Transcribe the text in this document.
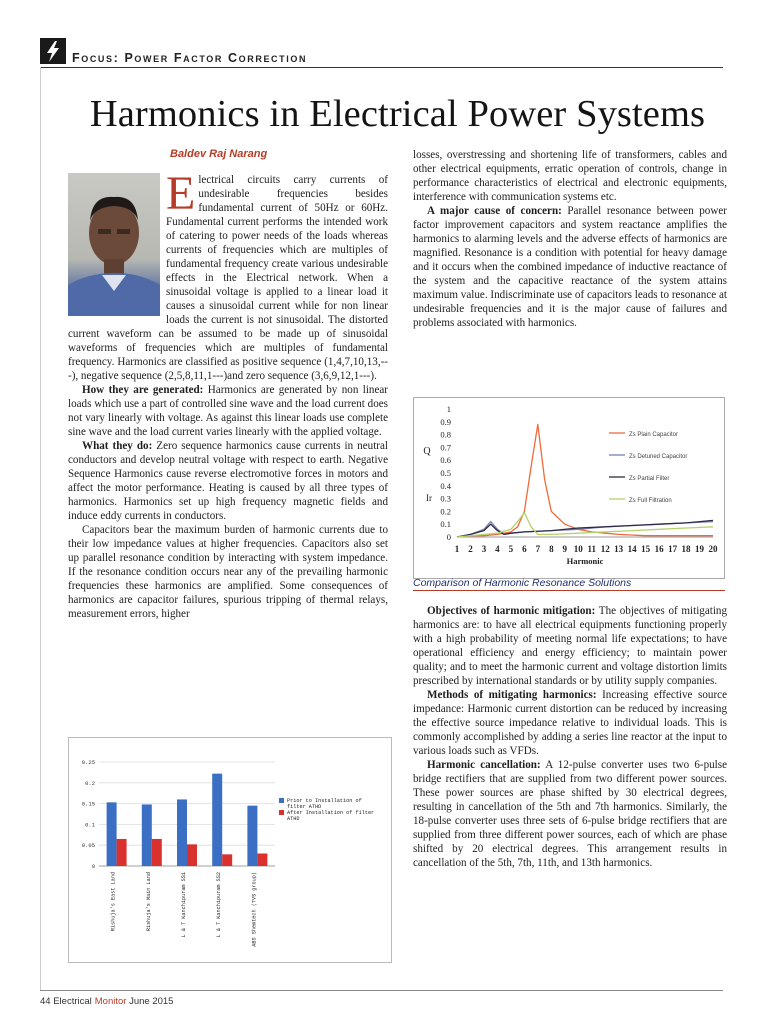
Focus: Power Factor Correction
Harmonics in Electrical Power Systems
Baldev Raj Narang
Electrical circuits carry currents of undesirable frequencies besides fundamental current of 50Hz or 60Hz. Fundamental current performs the intended work of catering to power needs of the loads whereas currents of frequencies which are multiples of fundamental frequency create various undesirable effects in the Electrical network. When a sinusoidal voltage is applied to a linear load it causes a sinusoidal current while for non linear loads the current is not sinusoidal. The distorted current waveform can be assumed to be made up of sinusoidal waveforms of frequencies which are multiples of fundamental frequency. Harmonics are classified as positive sequence (1,4,7,10,13,---), negative sequence (2,5,8,11,1---)and zero sequence (3,6,9,12,1---).

How they are generated: Harmonics are generated by non linear loads which use a part of controlled sine wave and the load current does not vary linearly with voltage. As against this linear loads use complete sine wave and the load current varies linearly with the applied voltage.

What they do: Zero sequence harmonics cause currents in neutral conductors and develop neutral voltage with respect to earth. Negative Sequence Harmonics cause reverse electromotive forces in motors and affect the motor performance. Heating is caused by all three types of harmonics. Harmonics set up high frequency magnetic fields and induce eddy currents in conductors.

Capacitors bear the maximum burden of harmonic currents due to their low impedance values at higher frequencies. Capacitors also set up parallel resonance condition by interacting with system impedance. If the resonance condition occurs near any of the prevailing harmonic frequencies these harmonics are amplified. Some consequences of harmonics are capacitor failures, spurious tripping of thermal relays, measurement errors, higher

losses, overstressing and shortening life of transformers, cables and other electrical equipments, erratic operation of controls, change in performance characteristics of electrical and electronic equipments, interference with communication systems etc.

A major cause of concern: Parallel resonance between power factor improvement capacitors and system reactance amplifies the harmonics to alarming levels and the adverse effects of harmonics are magnified. Resonance is a condition with potential for heavy damage and it occurs when the combined impedance of inductive reactance of the system and the capacitive reactance of the system attains maximum value. Indiscriminate use of capacitors leads to resonance at undesirable frequencies and it is the major cause of failures and problems associated with harmonics.

0
0.1
0.2
0.3
0.4
0.5
0.6
0.7
0.8
0.9
1
1 2 3 4 5 6 7 8 9 10 11 12 13 14 15 16 17 18 19 20
Harmonic
Q
Ir
Zs Plain Capacitor
Zs Detuned Capacitor
Zs Partial Filter
Zs Full Filtration
Comparison of Harmonic Resonance Solutions

Objectives of harmonic mitigation: The objectives of mitigating harmonics are: to have all electrical equipments functioning properly with a high probability of meeting normal life expectations; to have operational efficiency and energy efficiency; to maintain power quality; and to meet the harmonic current and voltage distortion limits prescribed by international standards or by utility supply companies.

Methods of mitigating harmonics: Increasing effective source impedance: Harmonic current distortion can be reduced by increasing the effective source impedance relative to individual loads. This is commonly accomplished by adding a series line reactor at the input to various loads such as VFDs.

Harmonic cancellation: A 12-pulse converter uses two 6-pulse bridge rectifiers that are supplied from two different power sources. These power sources are phase shifted by 30 electrical degrees, resulting in cancellation of the 5th and 7th harmonics. Similarly, the 18-pulse converter uses three sets of 6-pulse bridge rectifiers that are supplied from three different power sources, each of which are phase shifted by 20 electrical degrees. This arrangement results in cancellation of the 5th, 7th, 11th, and 13th harmonics.

0
0.05
0.1
0.15
0.2
0.25
Rishuja's East Land	Rishuja's Main Land	L & T Kanchipuram SS1	L & T Kanchipuram SS2	ABS Shemtech (TVS group)
Prior to Installation of
filter ATHD
After Installation of filter
ATHD
44 Electrical Monitor June 2015
